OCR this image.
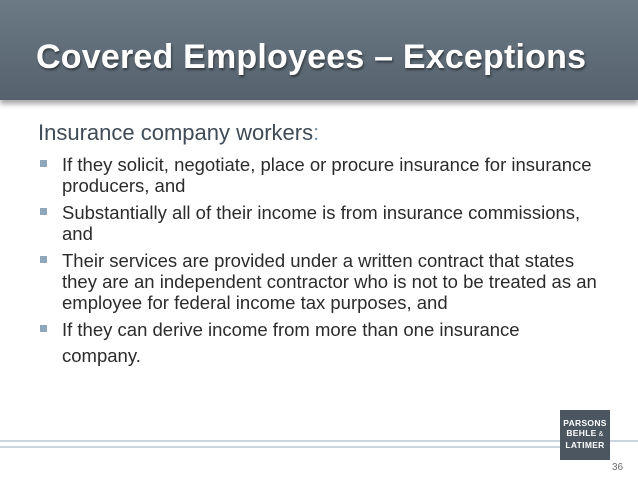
Covered Employees – Exceptions
Insurance company workers:
If they solicit, negotiate, place or procure insurance for insurance producers, and
Substantially all of their income is from insurance commissions, and
Their services are provided under a written contract that states they are an independent contractor who is not to be treated as an employee for federal income tax purposes, and
If they can derive income from more than one insurance company.
PARSONS
BEHLE &
LATIMER
36
